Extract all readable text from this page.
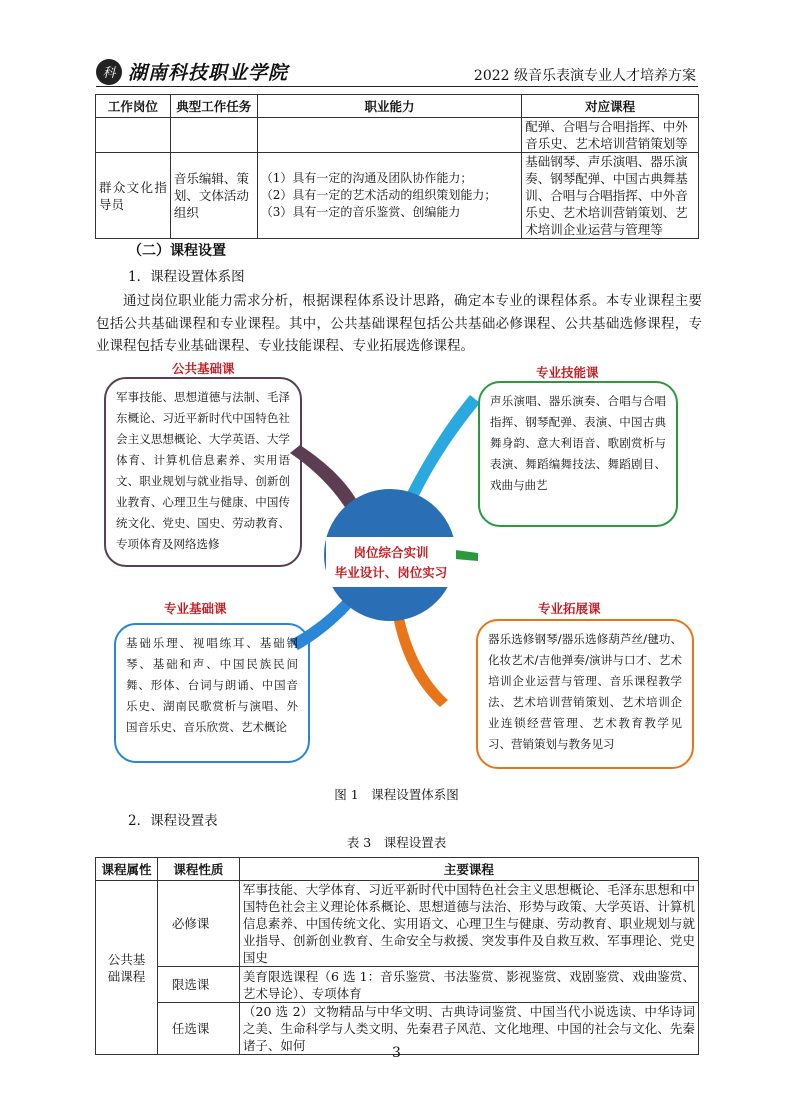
科 湖南科技职业学院	2022 级音乐表演专业人才培养方案
工作岗位	典型工作任务	职业能力	对应课程
			配弹、合唱与合唱指挥、中外音乐史、艺术培训营销策划等
群众文化指导员	音乐编辑、策划、文体活动组织	（1）具有一定的沟通及团队协作能力；
（2）具有一定的艺术活动的组织策划能力；
（3）具有一定的音乐鉴赏、创编能力	基础钢琴、声乐演唱、器乐演奏、钢琴配弹、中国古典舞基训、合唱与合唱指挥、中外音乐史、艺术培训营销策划、艺术培训企业运营与管理等
（二）课程设置
1．课程设置体系图
通过岗位职业能力需求分析，根据课程体系设计思路，确定本专业的课程体系。本专业课程主要包括公共基础课程和专业课程。其中，公共基础课程包括公共基础必修课程、公共基础选修课程，专业课程包括专业基础课程、专业技能课程、专业拓展选修课程。
岗位综合实训
毕业设计、岗位实习
公共基础课
军事技能、思想道德与法制、毛泽东概论、习近平新时代中国特色社会主义思想概论、大学英语、大学体育、计算机信息素养、实用语文、职业规划与就业指导、创新创业教育、心理卫生与健康、中国传统文化、党史、国史、劳动教育、专项体育及网络选修
专业技能课
声乐演唱、器乐演奏、合唱与合唱指挥、钢琴配弹、表演、中国古典舞身韵、意大利语音、歌剧赏析与表演、舞蹈编舞技法、舞蹈剧目、戏曲与曲艺
专业基础课
基础乐理、视唱练耳、基础钢琴、基础和声、中国民族民间舞、形体、台词与朗诵、中国音乐史、湖南民歌赏析与演唱、外国音乐史、音乐欣赏、艺术概论
专业拓展课
器乐选修钢琴/器乐选修葫芦丝/毽功、化妆艺术/吉他弹奏/演讲与口才、艺术培训企业运营与管理、音乐课程教学法、艺术培训营销策划、艺术培训企业连锁经营管理、艺术教育教学见习、营销策划与教务见习
图 1　课程设置体系图
2．课程设置表
表 3　课程设置表
课程属性	课程性质	主要课程
公共基础课程	必修课	军事技能、大学体育、习近平新时代中国特色社会主义思想概论、毛泽东思想和中国特色社会主义理论体系概论、思想道德与法治、形势与政策、大学英语、计算机信息素养、中国传统文化、实用语文、心理卫生与健康、劳动教育、职业规划与就业指导、创新创业教育、生命安全与救援、突发事件及自救互救、军事理论、党史国史
	限选课	美育限选课程（6 选 1：音乐鉴赏、书法鉴赏、影视鉴赏、戏剧鉴赏、戏曲鉴赏、艺术导论）、专项体育
	任选课	（20 选 2）文物精品与中华文明、古典诗词鉴赏、中国当代小说选读、中华诗词之美、生命科学与人类文明、先秦君子风范、文化地理、中国的社会与文化、先秦诸子、如何	3
